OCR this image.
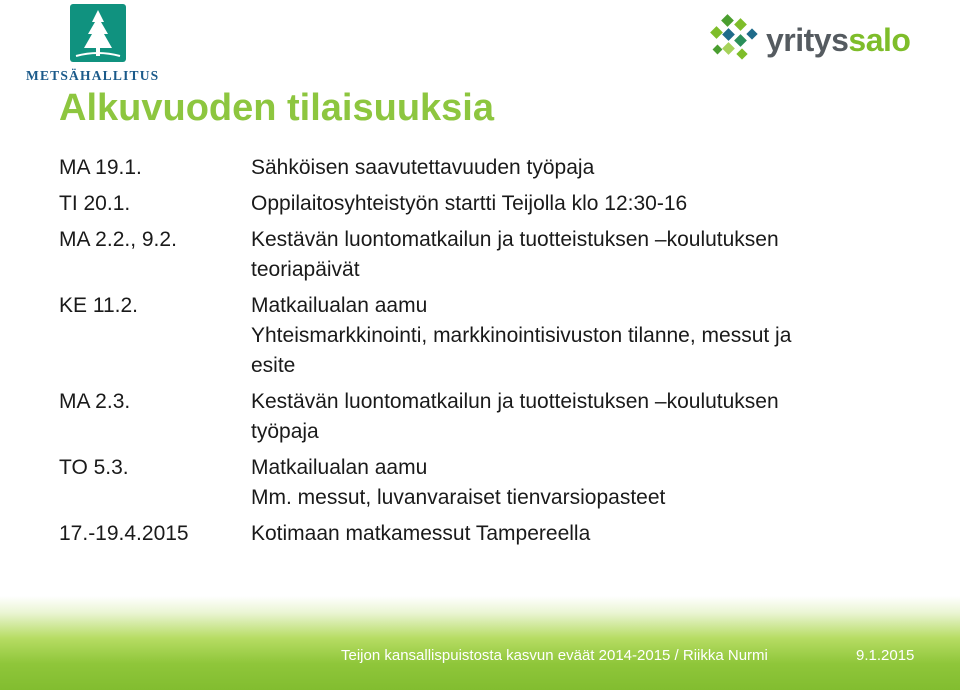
METSÄHALLITUS
yrityssalo
Alkuvuoden tilaisuuksia
MA 19.1.	Sähköisen saavutettavuuden työpaja
TI 20.1.	Oppilaitosyhteistyön startti Teijolla klo 12:30-16
MA 2.2., 9.2.	Kestävän luontomatkailun ja tuotteistuksen –koulutuksen
teoriapäivät
KE 11.2.	Matkailualan aamu
Yhteismarkkinointi, markkinointisivuston tilanne, messut ja
esite
MA 2.3.	Kestävän luontomatkailun ja tuotteistuksen –koulutuksen
työpaja
TO 5.3.	Matkailualan aamu
Mm. messut, luvanvaraiset tienvarsiopasteet
17.-19.4.2015	Kotimaan matkamessut Tampereella
Teijon kansallispuistosta kasvun eväät 2014-2015 / Riikka Nurmi	9.1.2015
